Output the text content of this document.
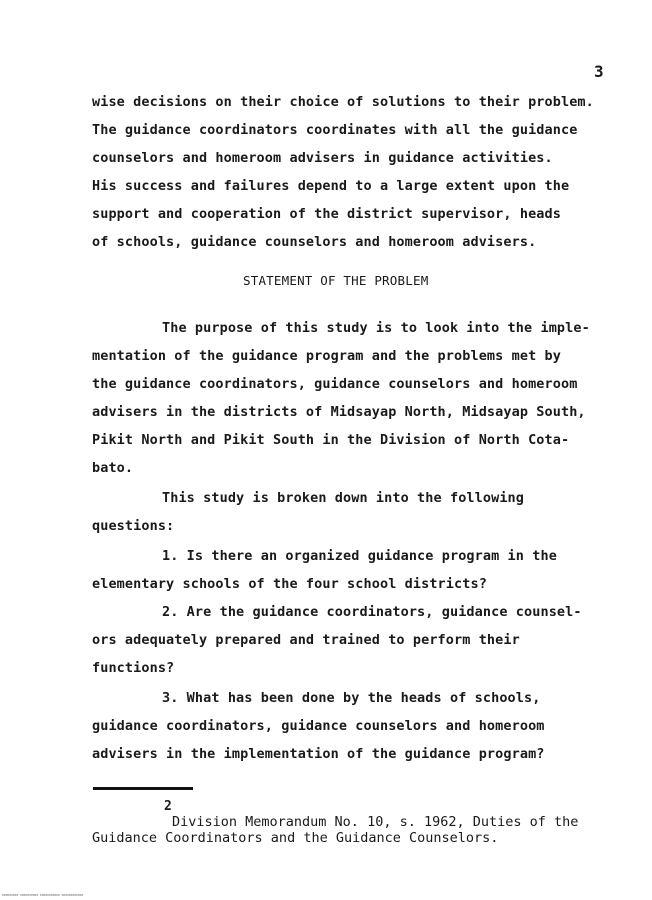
3
wise decisions on their choice of solutions to their problem.
The guidance coordinators coordinates with all the guidance
counselors and homeroom advisers in guidance activities.
His success and failures depend to a large extent upon the
support and cooperation of the district supervisor, heads
of schools, guidance counselors and homeroom advisers.
STATEMENT OF THE PROBLEM
The purpose of this study is to look into the imple-
mentation of the guidance program and the problems met by
the guidance coordinators, guidance counselors and homeroom
advisers in the districts of Midsayap North, Midsayap South,
Pikit North and Pikit South in the Division of North Cota-
bato.
This study is broken down into the following
questions:
1. Is there an organized guidance program in the
elementary schools of the four school districts?
2. Are the guidance coordinators, guidance counsel-
ors adequately prepared and trained to perform their
functions?
3. What has been done by the heads of schools,
guidance coordinators, guidance counselors and homeroom
advisers in the implementation of the guidance program?
2
Division Memorandum No. 10, s. 1962, Duties of the
Guidance Coordinators and the Guidance Counselors.
000000000 0000000000 00000000000 000000000000
